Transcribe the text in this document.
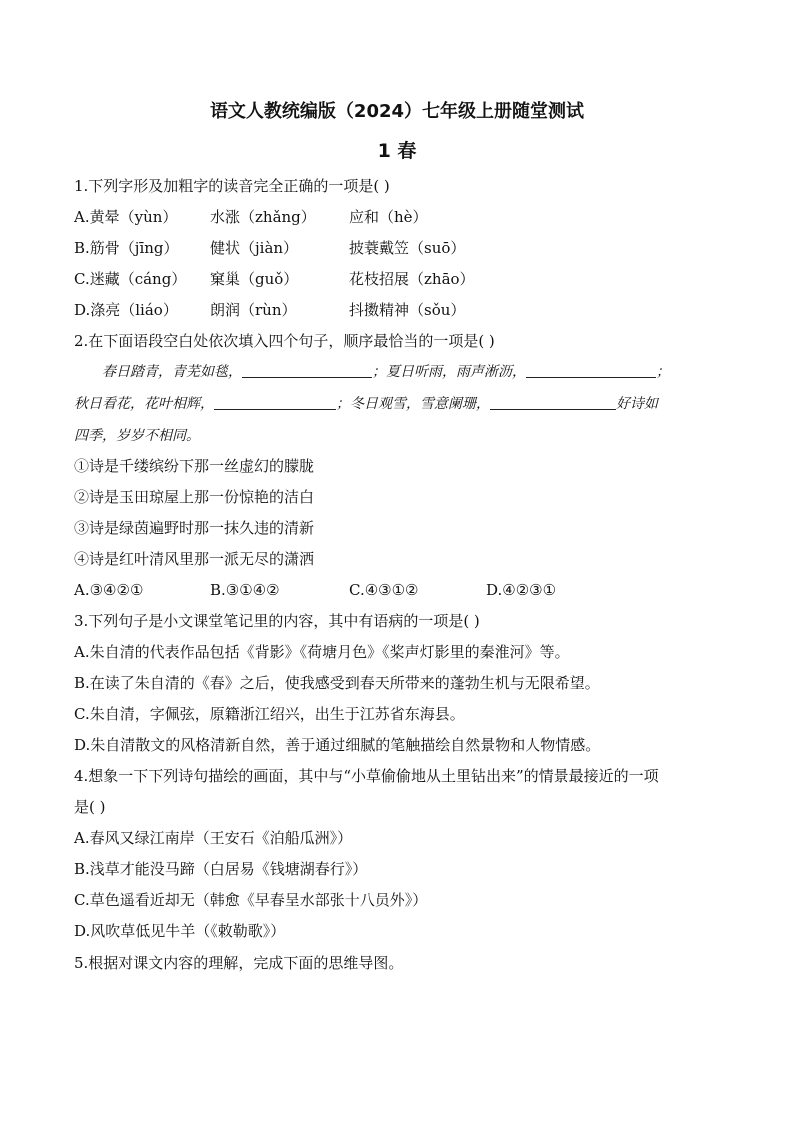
语文人教统编版（2024）七年级上册随堂测试
1 春
1.下列字形及加粗字的读音完全正确的一项是( )
A.黄晕（yùn） 水涨（zhǎng） 应和（hè）
B.筋骨（jīng） 健状（jiàn）	披蓑戴笠（suō）
C.迷藏（cáng） 窠巢（guǒ）	花枝招展（zhāo）
D.涤亮（liáo） 朗润（rùn）	抖擞精神（sǒu）
2.在下面语段空白处依次填入四个句子，顺序最恰当的一项是( )
春日踏青，青芜如毯，	；夏日听雨，雨声淅沥，	；
秋日看花，花叶相辉，	；冬日观雪，雪意阑珊，	好诗如
四季，岁岁不相同。
①诗是千缕缤纷下那一丝虚幻的朦胧
②诗是玉田琼屋上那一份惊艳的洁白
③诗是绿茵遍野时那一抹久违的清新
④诗是红叶清风里那一派无尽的潇洒
A.③④②①	B.③①④②	C.④③①②	D.④②③①
3.下列句子是小文课堂笔记里的内容，其中有语病的一项是( )
A.朱自清的代表作品包括《背影》《荷塘月色》《桨声灯影里的秦淮河》等。
B.在读了朱自清的《春》之后，使我感受到春天所带来的蓬勃生机与无限希望。
C.朱自清，字佩弦，原籍浙江绍兴，出生于江苏省东海县。
D.朱自清散文的风格清新自然，善于通过细腻的笔触描绘自然景物和人物情感。
4.想象一下下列诗句描绘的画面，其中与“小草偷偷地从土里钻出来”的情景最接近的一项
是( )
A.春风又绿江南岸（王安石《泊船瓜洲》）
B.浅草才能没马蹄（白居易《钱塘湖春行》）
C.草色遥看近却无（韩愈《早春呈水部张十八员外》）
D.风吹草低见牛羊（《敕勒歌》）
5.根据对课文内容的理解，完成下面的思维导图。
